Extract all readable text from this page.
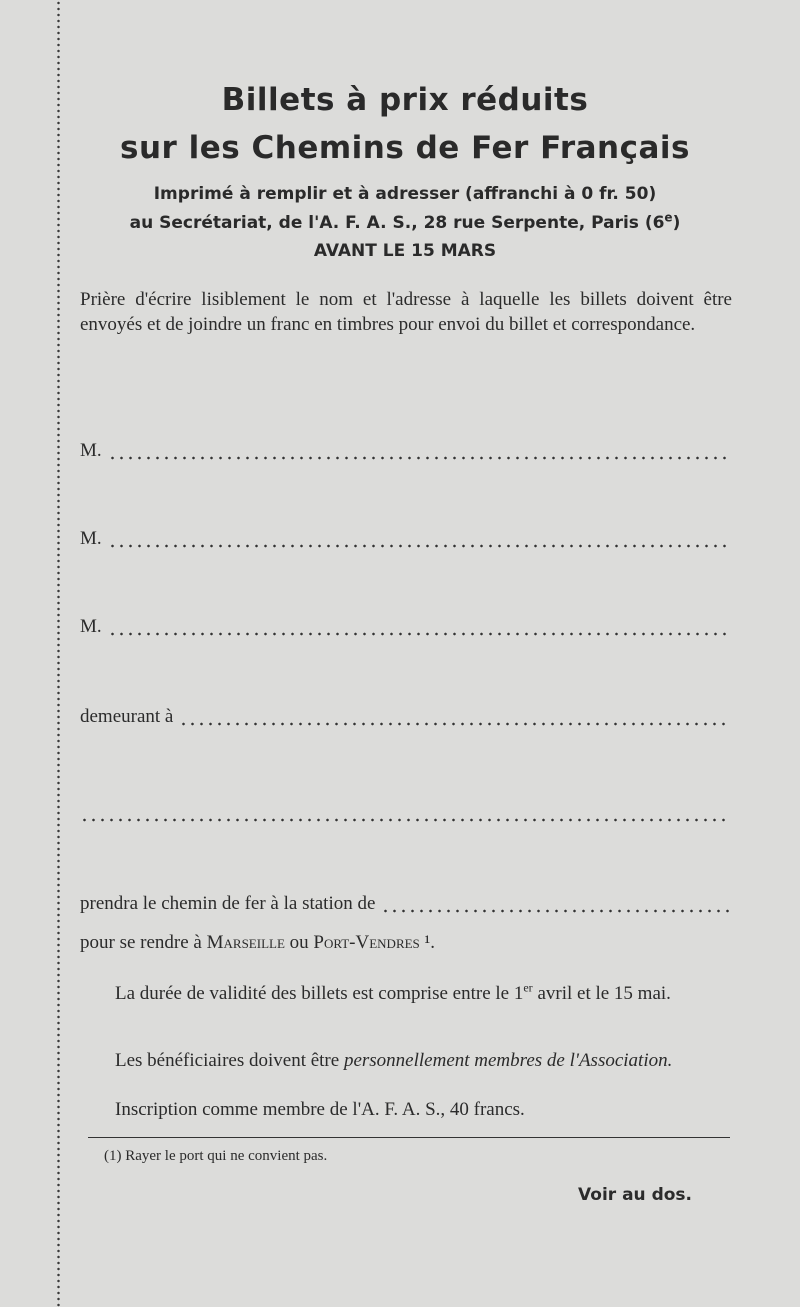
Billets à prix réduits
sur les Chemins de Fer Français
Imprimé à remplir et à adresser (affranchi à 0 fr. 50)
au Secrétariat, de l'A. F. A. S., 28 rue Serpente, Paris (6e)
AVANT LE 15 MARS
Prière d'écrire lisiblement le nom et l'adresse à laquelle les billets doivent être envoyés et de joindre un franc en timbres pour envoi du billet et correspondance.
M.
M.
M.
demeurant à
prendra le chemin de fer à la station de
pour se rendre à Marseille ou Port-Vendres ¹.
La durée de validité des billets est comprise entre le 1er avril et le 15 mai.
Les bénéficiaires doivent être personnellement membres de l'Association.
Inscription comme membre de l'A. F. A. S., 40 francs.
(1) Rayer le port qui ne convient pas.
Voir au dos.
